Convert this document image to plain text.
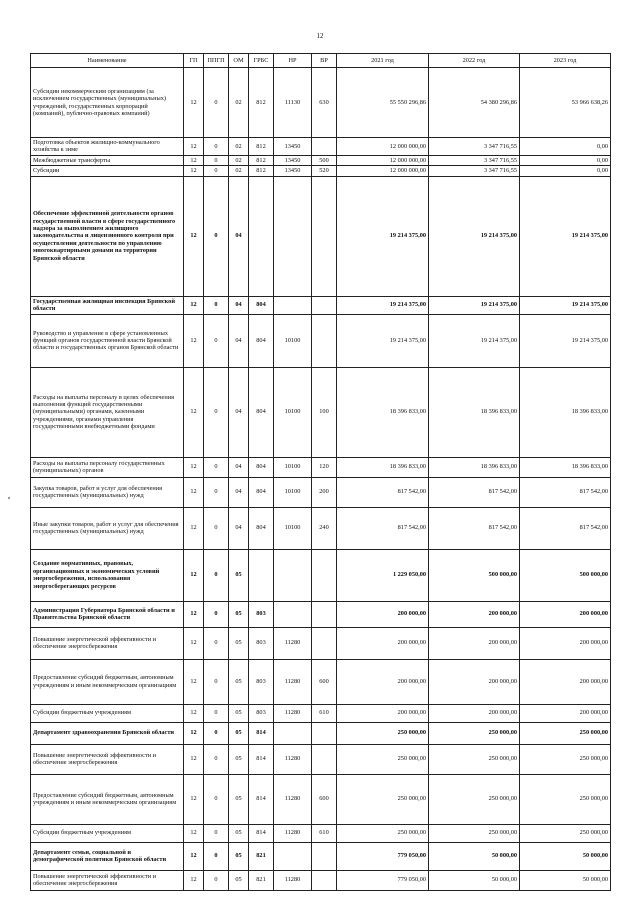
12
Наименование	ГП	ППГП	ОМ	ГРБС	НР	ВР	2021 год	2022 год	2023 год
Субсидии некоммерческим организациям (за исключением государственных (муниципальных) учреждений, государственных корпораций (компаний), публично-правовых компаний)	12	0	02	812	11130	630	55 550 296,86	54 380 296,86	53 966 638,26
Подготовка объектов жилищно-коммунального хозяйства к зиме	12	0	02	812	13450		12 000 000,00	3 347 716,55	0,00
Межбюджетные трансферты	12	0	02	812	13450	500	12 000 000,00	3 347 716,55	0,00
Субсидии	12	0	02	812	13450	520	12 000 000,00	3 347 716,55	0,00
Обеспечение эффективной деятельности органов государственной власти в сфере государственного надзора за выполнением жилищного законодательства и лицензионного контроля при осуществлении деятельности по управлению многоквартирными домами на территории Брянской области	12	0	04				19 214 375,00	19 214 375,00	19 214 375,00
Государственная жилищная инспекция Брянской области	12	0	04	804			19 214 375,00	19 214 375,00	19 214 375,00
Руководство и управление в сфере установленных функций органов государственной власти Брянской области и государственных органов Брянской области	12	0	04	804	10100		19 214 375,00	19 214 375,00	19 214 375,00
Расходы на выплаты персоналу в целях обеспечения выполнения функций государственными (муниципальными) органами, казенными учреждениями, органами управления государственными внебюджетными фондами	12	0	04	804	10100	100	18 396 833,00	18 396 833,00	18 396 833,00
Расходы на выплаты персоналу государственных (муниципальных) органов	12	0	04	804	10100	120	18 396 833,00	18 396 833,00	18 396 833,00
Закупка товаров, работ и услуг для обеспечения государственных (муниципальных) нужд	12	0	04	804	10100	200	817 542,00	817 542,00	817 542,00
Иные закупки товаров, работ и услуг для обеспечения государственных (муниципальных) нужд	12	0	04	804	10100	240	817 542,00	817 542,00	817 542,00
Создание нормативных, правовых, организационных и экономических условий энергосбережения, использования энергосберегающих ресурсов	12	0	05				1 229 050,00	500 000,00	500 000,00
Администрация Губернатора Брянской области и Правительства Брянской области	12	0	05	803			200 000,00	200 000,00	200 000,00
Повышение энергетической эффективности и обеспечение энергосбережения	12	0	05	803	11280		200 000,00	200 000,00	200 000,00
Предоставление субсидий бюджетным, автономным учреждениям и иным некоммерческим организациям	12	0	05	803	11280	600	200 000,00	200 000,00	200 000,00
Субсидии бюджетным учреждениям	12	0	05	803	11280	610	200 000,00	200 000,00	200 000,00
Департамент здравоохранения Брянской области	12	0	05	814			250 000,00	250 000,00	250 000,00
Повышение энергетической эффективности и обеспечение энергосбережения	12	0	05	814	11280		250 000,00	250 000,00	250 000,00
Предоставление субсидий бюджетным, автономным учреждениям и иным некоммерческим организациям	12	0	05	814	11280	600	250 000,00	250 000,00	250 000,00
Субсидии бюджетным учреждениям	12	0	05	814	11280	610	250 000,00	250 000,00	250 000,00
Департамент семьи, социальной и демографической политики Брянской области	12	0	05	821			779 050,00	50 000,00	50 000,00
Повышение энергетической эффективности и обеспечение энергосбережения	12	0	05	821	11280		779 050,00	50 000,00	50 000,00
